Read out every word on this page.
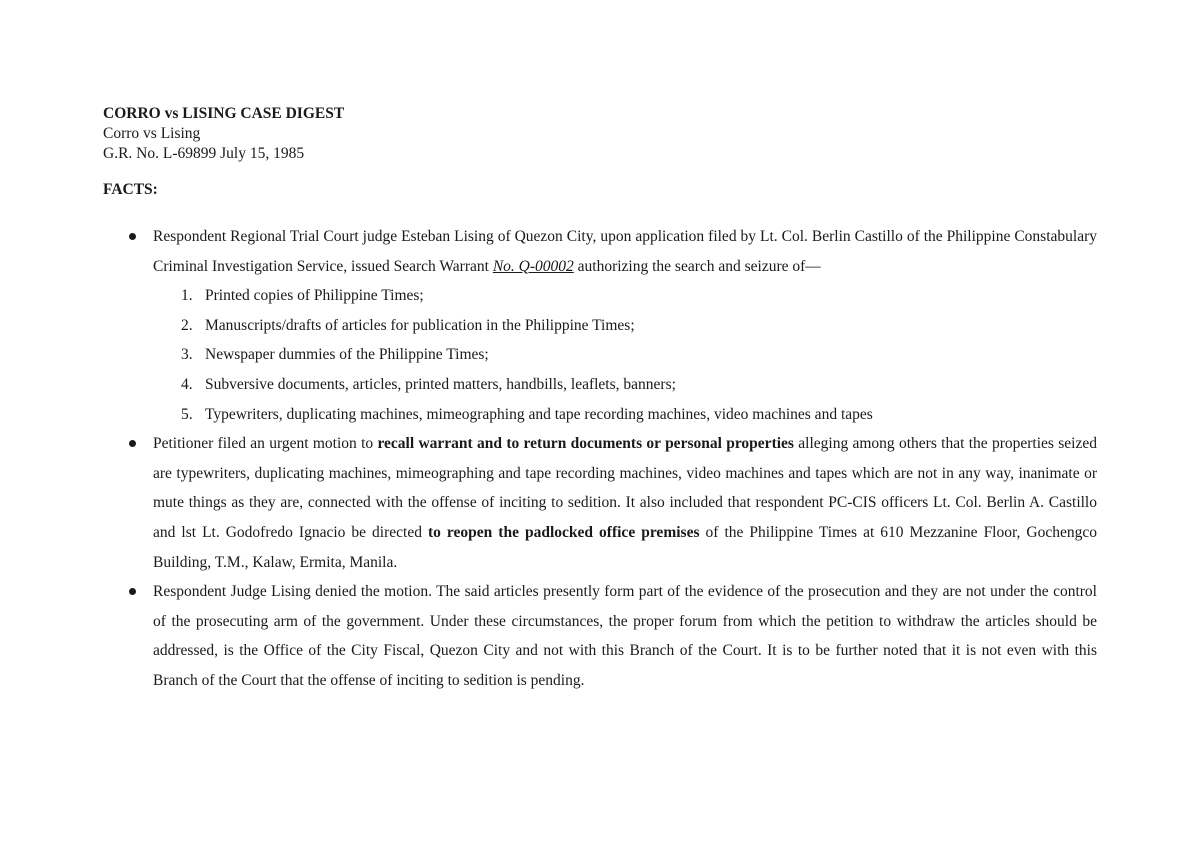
CORRO vs LISING CASE DIGEST
Corro vs Lising
G.R. No. L-69899 July 15, 1985
FACTS:
Respondent Regional Trial Court judge Esteban Lising of Quezon City, upon application filed by Lt. Col. Berlin Castillo of the Philippine Constabulary Criminal Investigation Service, issued Search Warrant No. Q-00002 authorizing the search and seizure of—
1. Printed copies of Philippine Times;
2. Manuscripts/drafts of articles for publication in the Philippine Times;
3. Newspaper dummies of the Philippine Times;
4. Subversive documents, articles, printed matters, handbills, leaflets, banners;
5. Typewriters, duplicating machines, mimeographing and tape recording machines, video machines and tapes
Petitioner filed an urgent motion to recall warrant and to return documents or personal properties alleging among others that the properties seized are typewriters, duplicating machines, mimeographing and tape recording machines, video machines and tapes which are not in any way, inanimate or mute things as they are, connected with the offense of inciting to sedition. It also included that respondent PC-CIS officers Lt. Col. Berlin A. Castillo and lst Lt. Godofredo Ignacio be directed to reopen the padlocked office premises of the Philippine Times at 610 Mezzanine Floor, Gochengco Building, T.M., Kalaw, Ermita, Manila.
Respondent Judge Lising denied the motion. The said articles presently form part of the evidence of the prosecution and they are not under the control of the prosecuting arm of the government. Under these circumstances, the proper forum from which the petition to withdraw the articles should be addressed, is the Office of the City Fiscal, Quezon City and not with this Branch of the Court. It is to be further noted that it is not even with this Branch of the Court that the offense of inciting to sedition is pending.
